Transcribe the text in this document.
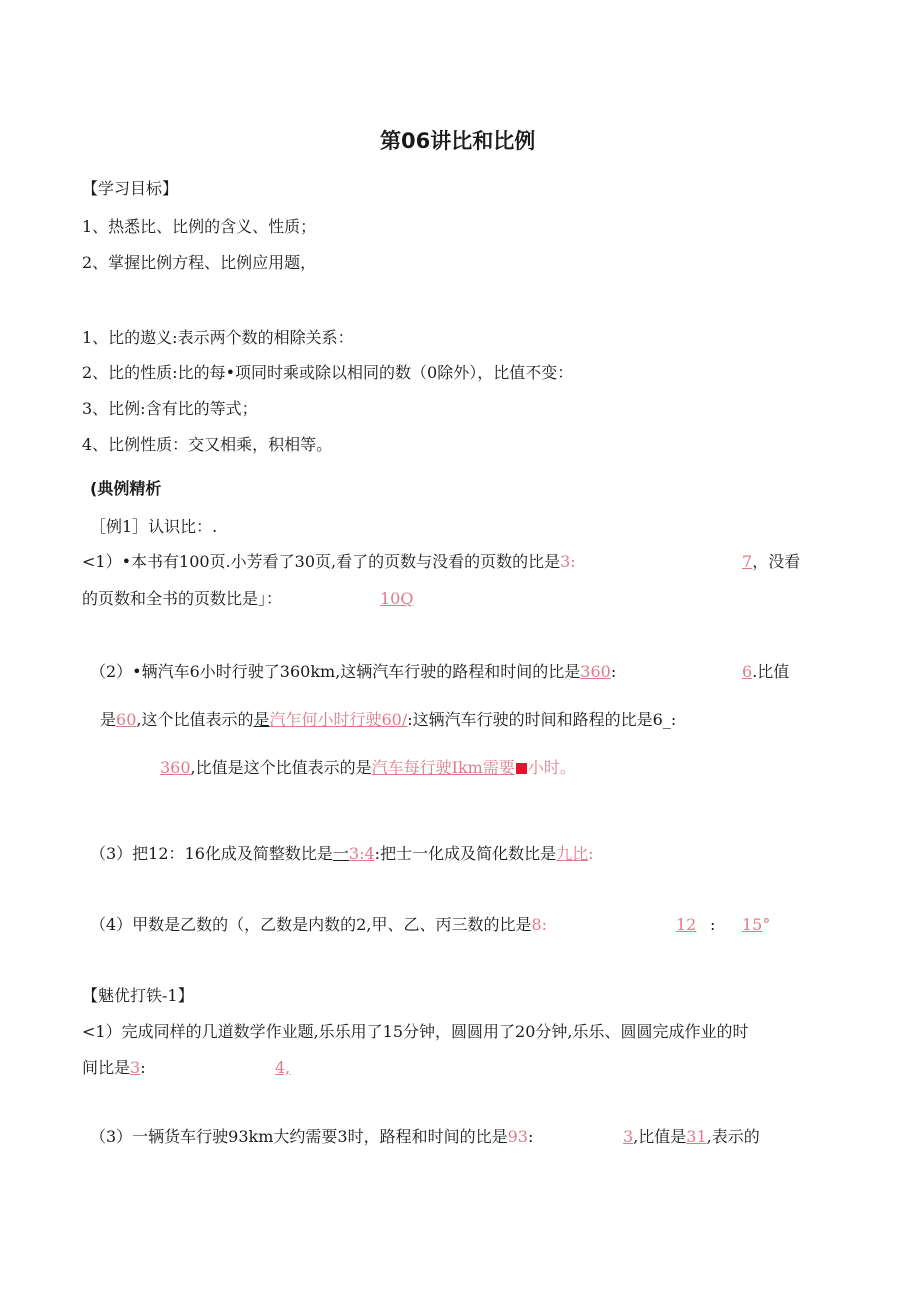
第06讲比和比例
【学习目标】
1、热悉比、比例的含义、性质；
2、掌握比例方程、比例应用题，
1、比的遨义:表示两个数的相除关系：
2、比的性质:比的每•项同时乘或除以相同的数（0除外），比值不变：
3、比例:含有比的等式；
4、比例性质：交又相乘，积相等。
(典例精析
［例1］认识比：.
<1）•本书有100页.小芳看了30页,看了的页数与没看的页数的比是3:	7，没看
的页数和全书的页数比是」：	10Q
（2）•辆汽车6小时行驶了360km,这辆汽车行驶的路程和时间的比是360:	6.比值
是60,这个比值表示的是汽乍何小时行驶60/:这辆汽车行驶的时间和路程的比是6_:
360,比值是这个比值表示的是汽车每行驶Ikm需要 小时。
（3）把12：16化成及简整数比是一3:4:把士一化成及简化数比是九比:
（4）甲数是乙数的（，乙数是内数的2,甲、乙、丙三数的比是8:	12 : 15°
【魅优打铁-1】
<1）完成同样的几道数学作业题,乐乐用了15分钟，圆圆用了20分钟,乐乐、圆圆完成作业的时
间比是3:	4,
（3）一辆货车行驶93km大约需要3时，路程和时间的比是93:	3,比值是31,表示的
